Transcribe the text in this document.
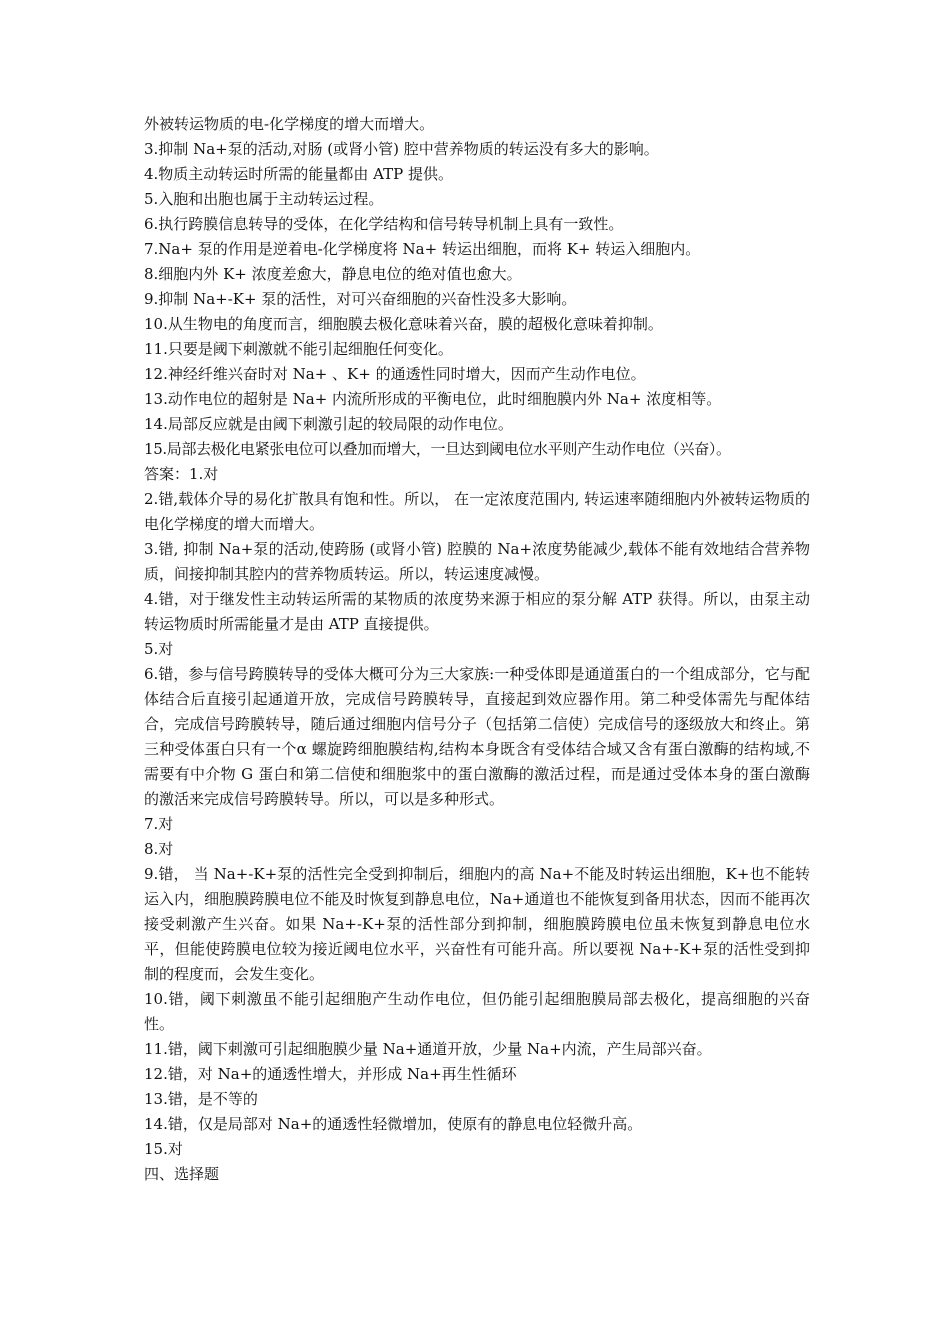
外被转运物质的电-化学梯度的增大而增大。

3.抑制 Na+泵的活动,对肠 (或肾小管) 腔中营养物质的转运没有多大的影响。

4.物质主动转运时所需的能量都由 ATP 提供。

5.入胞和出胞也属于主动转运过程。

6.执行跨膜信息转导的受体，在化学结构和信号转导机制上具有一致性。

7.Na+ 泵的作用是逆着电-化学梯度将 Na+ 转运出细胞，而将 K+ 转运入细胞内。

8.细胞内外 K+ 浓度差愈大，静息电位的绝对值也愈大。

9.抑制 Na+-K+ 泵的活性，对可兴奋细胞的兴奋性没多大影响。

10.从生物电的角度而言，细胞膜去极化意味着兴奋，膜的超极化意味着抑制。

11.只要是阈下刺激就不能引起细胞任何变化。

12.神经纤维兴奋时对 Na+ 、K+ 的通透性同时增大，因而产生动作电位。

13.动作电位的超射是 Na+ 内流所形成的平衡电位，此时细胞膜内外 Na+ 浓度相等。

14.局部反应就是由阈下刺激引起的较局限的动作电位。

15.局部去极化电紧张电位可以叠加而增大，一旦达到阈电位水平则产生动作电位（兴奋）。

答案：1.对

2.错,载体介导的易化扩散具有饱和性。所以， 在一定浓度范围内, 转运速率随细胞内外被转运物质的电化学梯度的增大而增大。

3.错, 抑制 Na+泵的活动,使跨肠 (或肾小管) 腔膜的 Na+浓度势能减少,载体不能有效地结合营养物质，间接抑制其腔内的营养物质转运。所以，转运速度减慢。

4.错，对于继发性主动转运所需的某物质的浓度势来源于相应的泵分解 ATP 获得。所以，由泵主动转运物质时所需能量才是由 ATP 直接提供。

5.对

6.错，参与信号跨膜转导的受体大概可分为三大家族:一种受体即是通道蛋白的一个组成部分，它与配体结合后直接引起通道开放，完成信号跨膜转导，直接起到效应器作用。第二种受体需先与配体结合，完成信号跨膜转导，随后通过细胞内信号分子（包括第二信使）完成信号的逐级放大和终止。第三种受体蛋白只有一个α 螺旋跨细胞膜结构,结构本身既含有受体结合域又含有蛋白激酶的结构域,不需要有中介物 G 蛋白和第二信使和细胞浆中的蛋白激酶的激活过程，而是通过受体本身的蛋白激酶的激活来完成信号跨膜转导。所以，可以是多种形式。

7.对

8.对

9.错， 当 Na+-K+泵的活性完全受到抑制后，细胞内的高 Na+不能及时转运出细胞，K+也不能转运入内，细胞膜跨膜电位不能及时恢复到静息电位，Na+通道也不能恢复到备用状态，因而不能再次接受刺激产生兴奋。如果 Na+-K+泵的活性部分到抑制，细胞膜跨膜电位虽未恢复到静息电位水平，但能使跨膜电位较为接近阈电位水平，兴奋性有可能升高。所以要视 Na+-K+泵的活性受到抑制的程度而，会发生变化。

10.错，阈下刺激虽不能引起细胞产生动作电位，但仍能引起细胞膜局部去极化，提高细胞的兴奋性。

11.错，阈下刺激可引起细胞膜少量 Na+通道开放，少量 Na+内流，产生局部兴奋。

12.错，对 Na+的通透性增大，并形成 Na+再生性循环

13.错，是不等的

14.错，仅是局部对 Na+的通透性轻微增加，使原有的静息电位轻微升高。

15.对

四、选择题
